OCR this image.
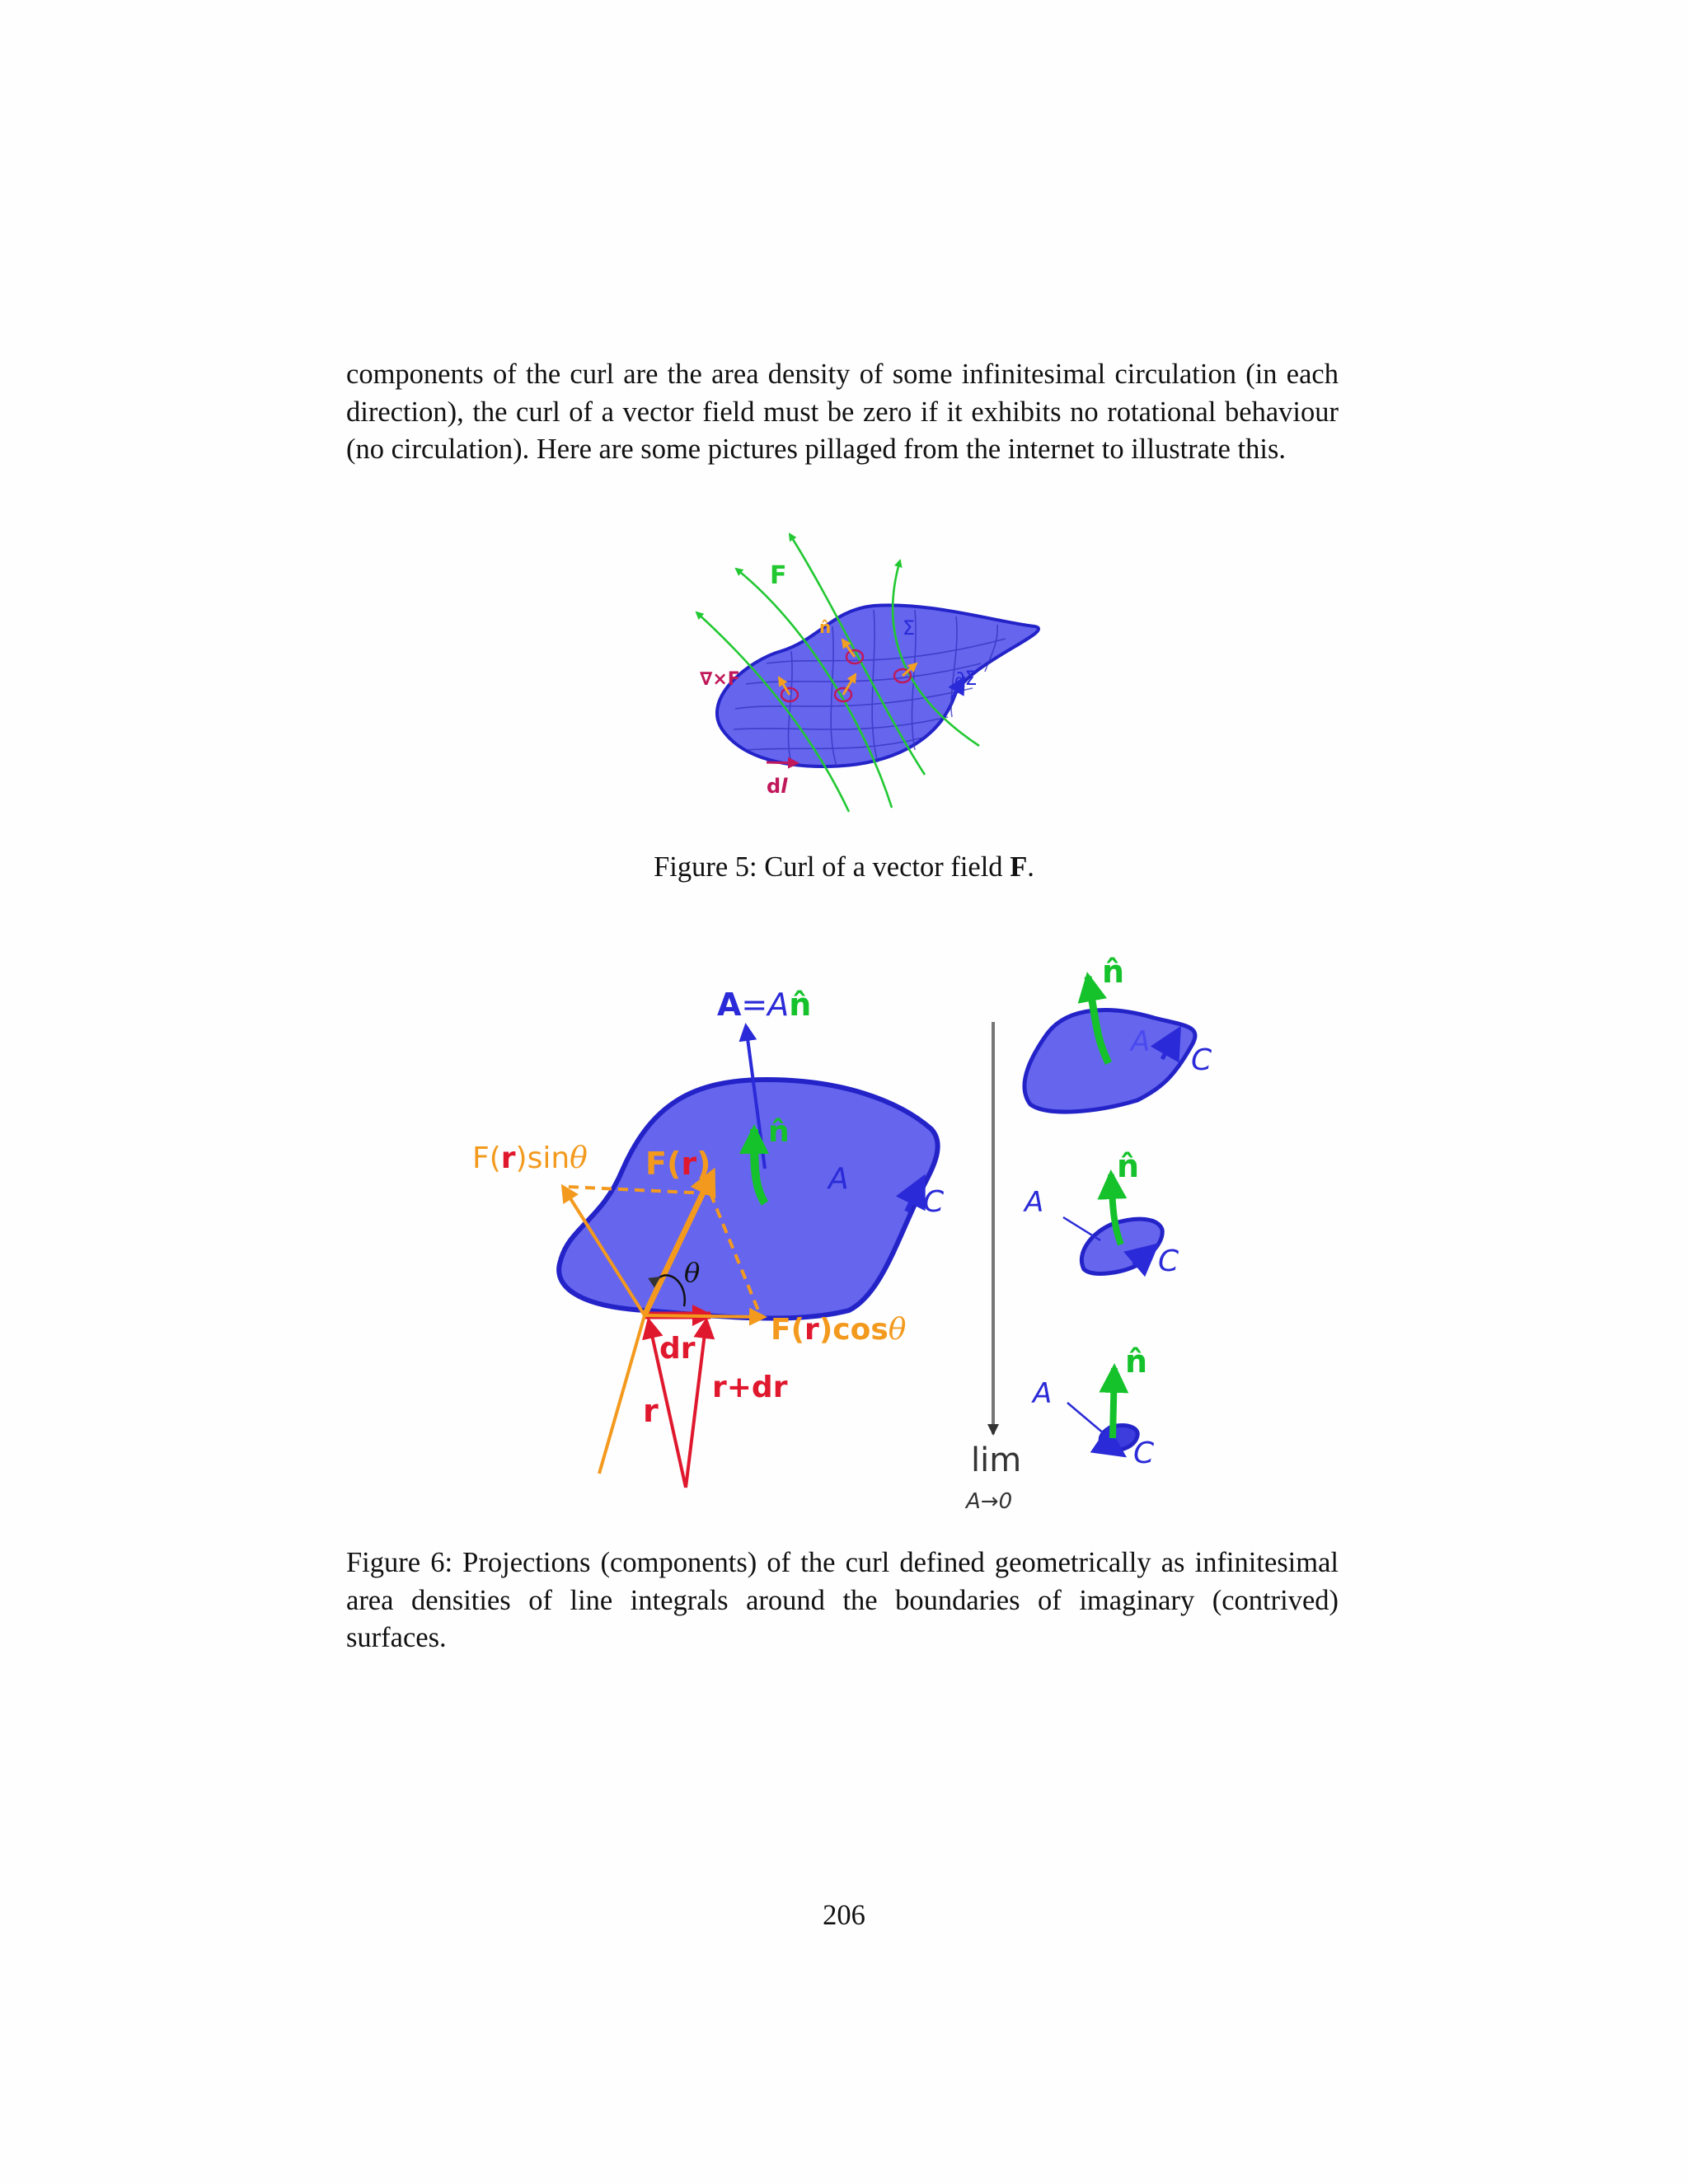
components of the curl are the area density of some infinitesimal circulation (in each direction), the curl of a vector field must be zero if it exhibits no rotational behaviour (no circulation). Here are some pictures pillaged from the internet to illustrate this.
F
∇×F
n̂	Σ
∂Σ
dl
Figure 5: Curl of a vector field F.
A=An̂
n̂
F(r)sinθ F(r)
θ
F(r)cosθ
A
C
dr
r+dr
r
lim
A→0
n̂
A
C
n̂
A
C
n̂
A
C
Figure 6: Projections (components) of the curl defined geometrically as infinitesimal area densities of line integrals around the boundaries of imaginary (contrived) surfaces.
206
